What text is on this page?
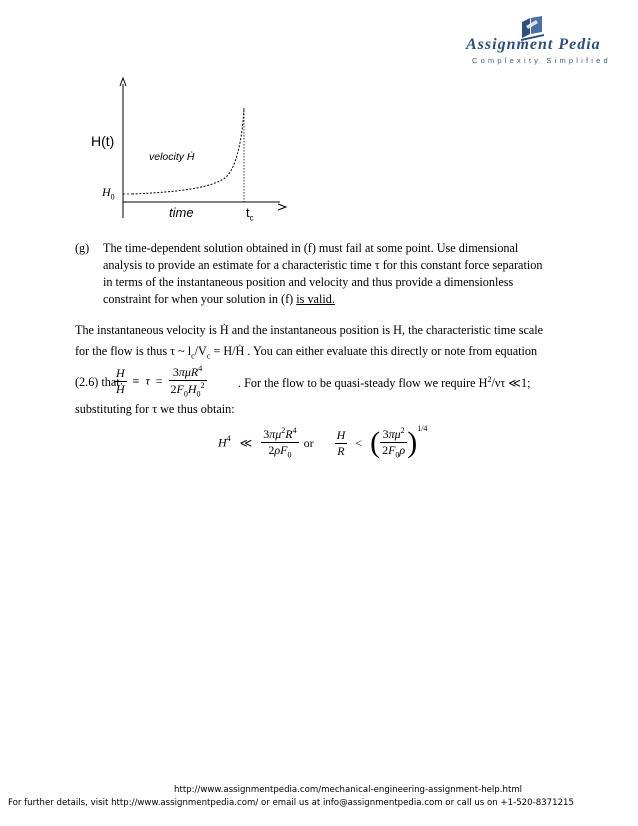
Assignment Pedia
Complexity Simplified
H(t)
velocity Ḣ
$H_0$
time	$t_c$
(g) The time-dependent solution obtained in (f) must fail at some point. Use dimensional
analysis to provide an estimate for a characteristic time τ for this constant force separation
in terms of the instantaneous position and velocity and thus provide a dimensionless
constraint for when your solution in (f) is valid.
The instantaneous velocity is Ḣ and the instantaneous position is H, the characteristic time scale
for the flow is thus τ ~ $l_c/V_c$ = H/Ḣ . You can either evaluate this directly or note from equation
(2.6) that
$\frac{H}{\text{Ḣ}} \equiv \tau = \frac{3\pi\mu R^4}{2F_0H_0^2}$	. For the flow to be quasi-steady flow we require $H^2/\nu\tau$ ≪1;
substituting for τ we thus obtain:
$H^4$ ≪ $\frac{3\pi\mu^2R^4}{2\rho F_0}$ or $\frac{H}{R}$ < ( $\frac{3\pi\mu^2}{2F_0\rho} )^{1/4}$
http://www.assignmentpedia.com/mechanical-engineering-assignment-help.html
For further details, visit http://www.assignmentpedia.com/ or email us at info@assignmentpedia.com or call us on +1-520-8371215
